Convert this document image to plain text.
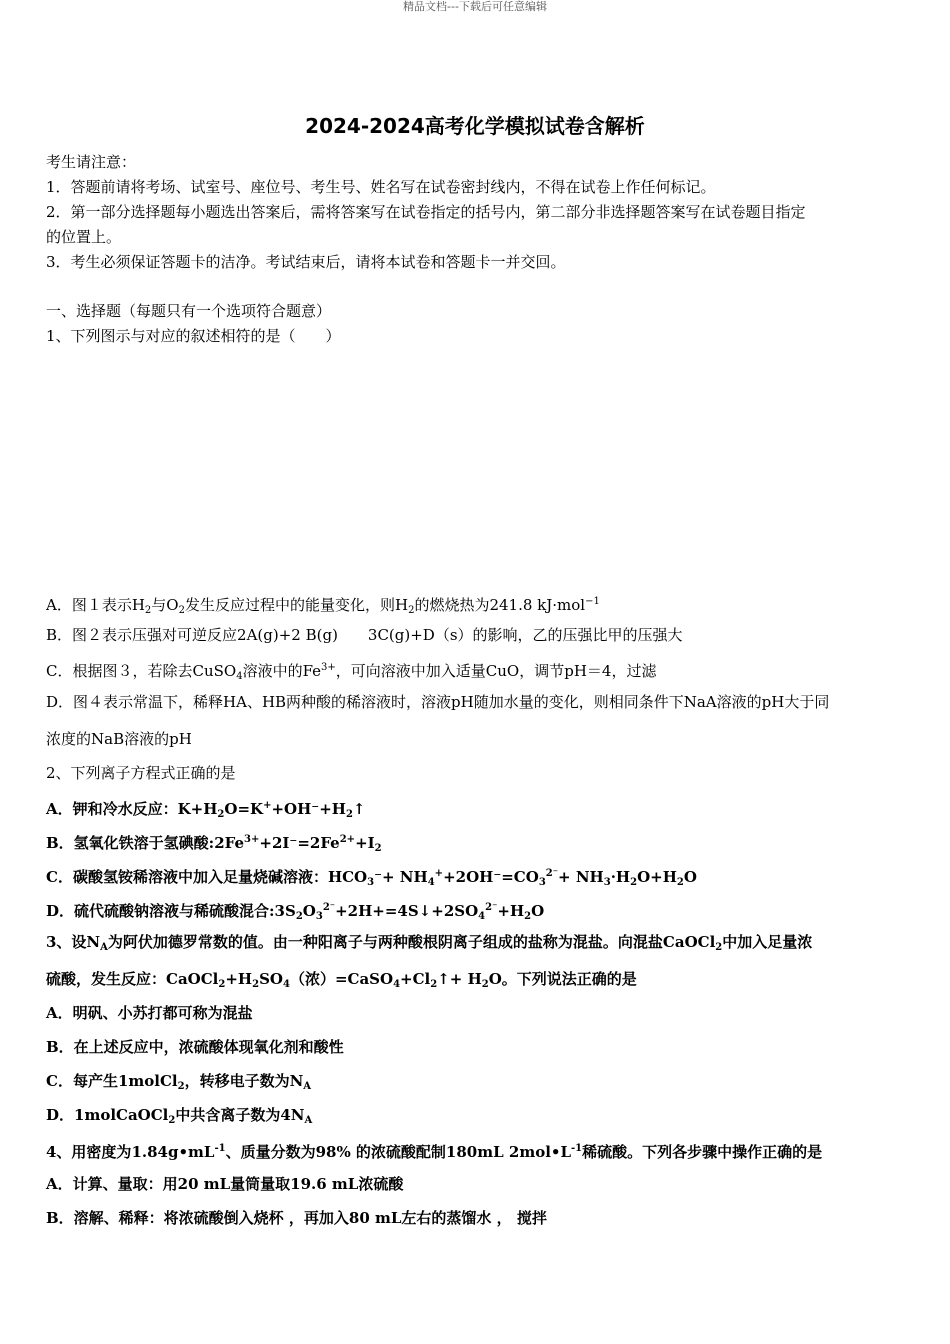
精品文档---下载后可任意编辑
2024-2024高考化学模拟试卷含解析
考生请注意：
1．答题前请将考场、试室号、座位号、考生号、姓名写在试卷密封线内，不得在试卷上作任何标记。
2．第一部分选择题每小题选出答案后，需将答案写在试卷指定的括号内，第二部分非选择题答案写在试卷题目指定
的位置上。
3．考生必须保证答题卡的洁净。考试结束后，请将本试卷和答题卡一并交回。
一、选择题（每题只有一个选项符合题意）
1、下列图示与对应的叙述相符的是（　　）
A．图１表示$H_2$与$O_2$发生反应过程中的能量变化，则$H_2$的燃烧热为241.8 kJ·mol$^{-1}$
B．图２表示压强对可逆反应2A(g)+2 B(g)　　3C(g)+D（s）的影响，乙的压强比甲的压强大
C．根据图３，若除去CuSO$_4$溶液中的$Fe^{3+}$，可向溶液中加入适量CuO，调节pH＝4，过滤
D．图４表示常温下，稀释HA、HB两种酸的稀溶液时，溶液pH随加水量的变化，则相同条件下NaA溶液的pH大于同
浓度的NaB溶液的pH
2、下列离子方程式正确的是
A．钾和冷水反应：$K+H_2O=K^++OH^-+H_2↑$
B．氢氧化铁溶于氢碘酸$:2Fe^{3+}+2I^-=2Fe^{2+}+I_2$
C．碳酸氢铵稀溶液中加入足量烧碱溶液：$HCO_3^-+ NH_4^++2OH^-=CO_3^{2^-}+ NH_3\cdot H_2O+H_2O$
D．硫代硫酸钠溶液与稀硫酸混合$:3S_2O_3^{2^-}+2H+=4S↓+2SO_4^{2^-}+H_2O$
3、设$N_A$为阿伏加德罗常数的值。由一种阳离子与两种酸根阴离子组成的盐称为混盐。向混盐CaOCl$_2$中加入足量浓
硫酸，发生反应：$CaOCl_2+H_2SO_4$（浓）$=CaSO_4+Cl_2↑+ H_2O$。下列说法正确的是
A．明矾、小苏打都可称为混盐
B．在上述反应中，浓硫酸体现氧化剂和酸性
C．每产生1molCl$_2$，转移电子数为$N_A$
D．1molCaOCl$_2$中共含离子数为$4N_A$
4、用密度为$1.84g•mL^{-1}$、质量分数为98% 的浓硫酸配制180mL $2mol•L^{-1}$稀硫酸。下列各步骤中操作正确的是
A．计算、量取：用20 mL量筒量取19.6 mL浓硫酸
B．溶解、稀释：将浓硫酸倒入烧杯 ，再加入80 mL左右的蒸馏水 ， 搅拌
